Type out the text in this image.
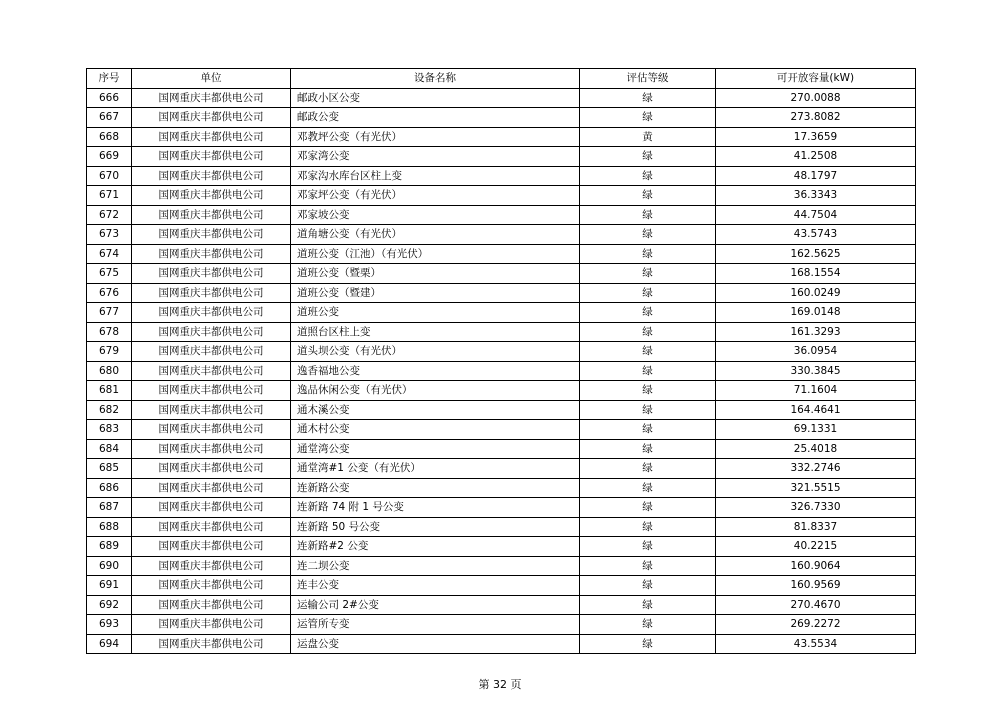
序号	单位	设备名称	评估等级	可开放容量(kW)
666	国网重庆丰都供电公司	邮政小区公变	绿	270.0088
667	国网重庆丰都供电公司	邮政公变	绿	273.8082
668	国网重庆丰都供电公司	邓教坪公变（有光伏）	黄	17.3659
669	国网重庆丰都供电公司	邓家湾公变	绿	41.2508
670	国网重庆丰都供电公司	邓家沟水库台区柱上变	绿	48.1797
671	国网重庆丰都供电公司	邓家坪公变（有光伏）	绿	36.3343
672	国网重庆丰都供电公司	邓家坡公变	绿	44.7504
673	国网重庆丰都供电公司	道角塘公变（有光伏）	绿	43.5743
674	国网重庆丰都供电公司	道班公变（江池）（有光伏）	绿	162.5625
675	国网重庆丰都供电公司	道班公变（暨栗）	绿	168.1554
676	国网重庆丰都供电公司	道班公变（暨建）	绿	160.0249
677	国网重庆丰都供电公司	道班公变	绿	169.0148
678	国网重庆丰都供电公司	道照台区柱上变	绿	161.3293
679	国网重庆丰都供电公司	道头坝公变（有光伏）	绿	36.0954
680	国网重庆丰都供电公司	逸香福地公变	绿	330.3845
681	国网重庆丰都供电公司	逸品休闲公变（有光伏）	绿	71.1604
682	国网重庆丰都供电公司	通木溪公变	绿	164.4641
683	国网重庆丰都供电公司	通木村公变	绿	69.1331
684	国网重庆丰都供电公司	通堂湾公变	绿	25.4018
685	国网重庆丰都供电公司	通堂湾#1 公变（有光伏）	绿	332.2746
686	国网重庆丰都供电公司	连新路公变	绿	321.5515
687	国网重庆丰都供电公司	连新路 74 附 1 号公变	绿	326.7330
688	国网重庆丰都供电公司	连新路 50 号公变	绿	81.8337
689	国网重庆丰都供电公司	连新路#2 公变	绿	40.2215
690	国网重庆丰都供电公司	连二坝公变	绿	160.9064
691	国网重庆丰都供电公司	连丰公变	绿	160.9569
692	国网重庆丰都供电公司	运输公司 2#公变	绿	270.4670
693	国网重庆丰都供电公司	运管所专变	绿	269.2272
694	国网重庆丰都供电公司	运盘公变	绿	43.5534
第 32 页
